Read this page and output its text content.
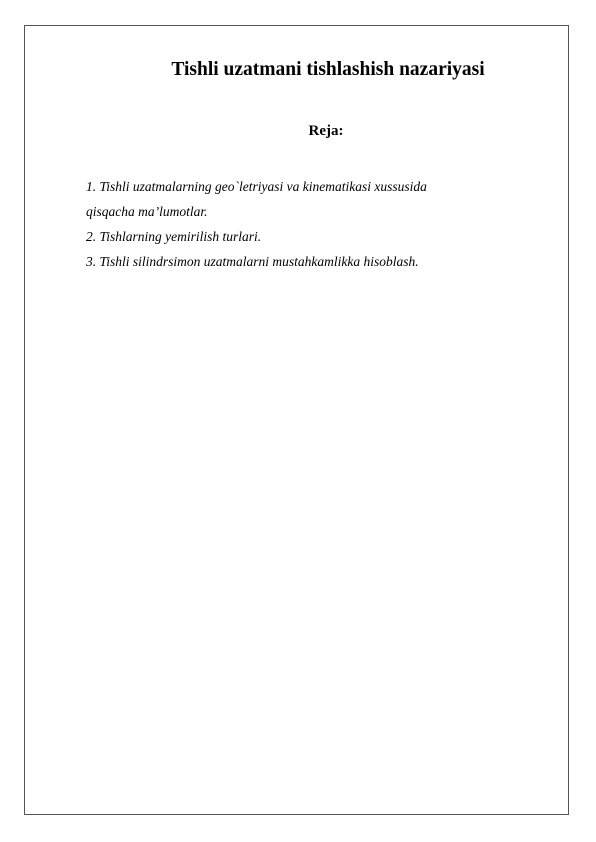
Tishli uzatmani tishlashish nazariyasi
Reja:
1. Tishli uzatmalarning geo`letriyasi va kinematikasi xussusida
qisqacha ma’lumotlar.
2. Tishlarning yemirilish turlari.
3. Tishli silindrsimon uzatmalarni mustahkamlikka hisoblash.
